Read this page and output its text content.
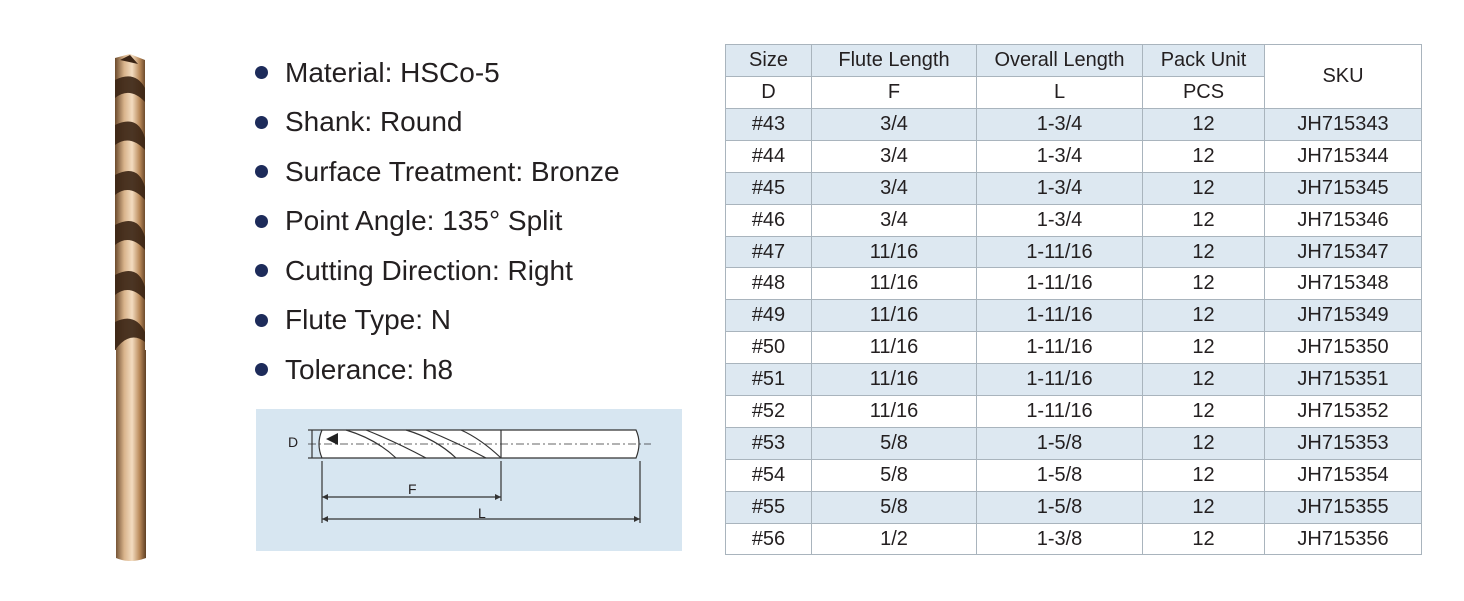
Material: HSCo-5
Shank: Round
Surface Treatment: Bronze
Point Angle: 135° Split
Cutting Direction: Right
Flute Type: N
Tolerance: h8
D
F
L
Size	Flute Length	Overall Length	Pack Unit	SKU
D	F	L	PCS	
#43	3/4	1-3/4	12	JH715343
#44	3/4	1-3/4	12	JH715344
#45	3/4	1-3/4	12	JH715345
#46	3/4	1-3/4	12	JH715346
#47	11/16	1-11/16	12	JH715347
#48	11/16	1-11/16	12	JH715348
#49	11/16	1-11/16	12	JH715349
#50	11/16	1-11/16	12	JH715350
#51	11/16	1-11/16	12	JH715351
#52	11/16	1-11/16	12	JH715352
#53	5/8	1-5/8	12	JH715353
#54	5/8	1-5/8	12	JH715354
#55	5/8	1-5/8	12	JH715355
#56	1/2	1-3/8	12	JH715356
